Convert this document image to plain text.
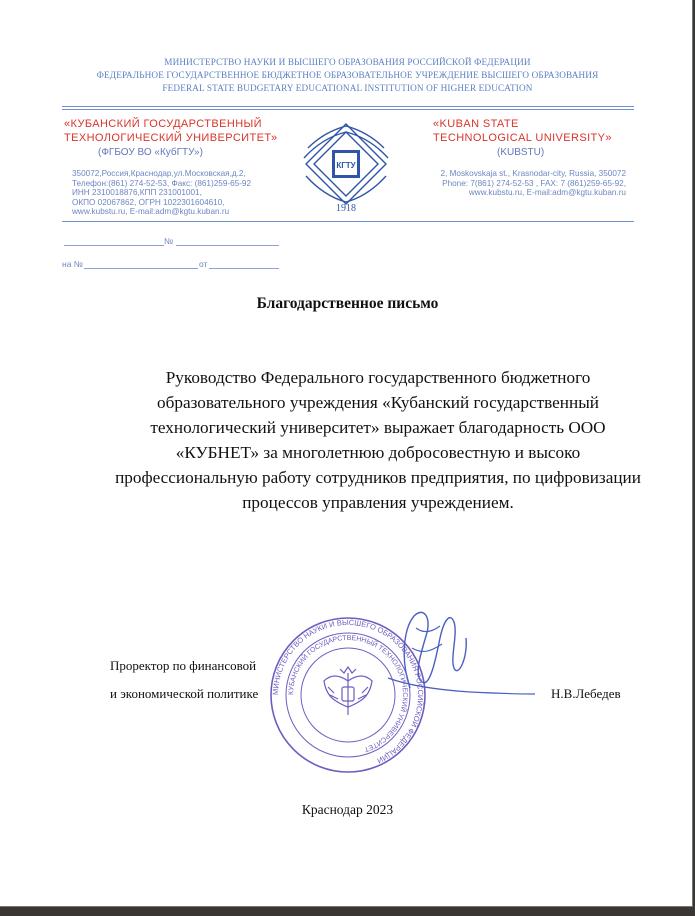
МИНИСТЕРСТВО НАУКИ И ВЫСШЕГО ОБРАЗОВАНИЯ РОССИЙСКОЙ ФЕДЕРАЦИИ
ФЕДЕРАЛЬНОЕ ГОСУДАРСТВЕННОЕ БЮДЖЕТНОЕ ОБРАЗОВАТЕЛЬНОЕ УЧРЕЖДЕНИЕ ВЫСШЕГО ОБРАЗОВАНИЯ
FEDERAL STATE BUDGETARY EDUCATIONAL INSTITUTION OF HIGHER EDUCATION
«КУБАНСКИЙ ГОСУДАРСТВЕННЫЙ
ТЕХНОЛОГИЧЕСКИЙ УНИВЕРСИТЕТ»
(ФГБОУ ВО «КубГТУ»)
350072,Россия,Краснодар,ул.Московская,д.2,
Телефон:(861) 274-52-53, Факс: (861)259-65-92
ИНН 2310018876,КПП 231001001,
ОКПО 02067862, ОГРН 1022301604610,
www.kubstu.ru, E-mail:adm@kgtu.kuban.ru
КГТУ
1918
«KUBAN STATE
TECHNOLOGICAL UNIVERSITY»
(KUBSTU)
2, Moskovskaja st., Krasnodar-city, Russia, 350072
Phone: 7(861) 274-52-53 , FAX: 7 (861)259-65-92,
www.kubstu.ru, E-mail:adm@kgtu.kuban.ru
№
на №	от
Благодарственное письмо
Руководство Федерального государственного бюджетного образовательного учреждения «Кубанский государственный технологический университет» выражает благодарность ООО «КУБНЕТ» за многолетнюю добросовестную и высоко профессиональную работу сотрудников предприятия, по цифровизации процессов управления учреждением.
МИНИСТЕРСТВО НАУКИ И ВЫСШЕГО ОБРАЗОВАНИЯ РОССИЙСКОЙ ФЕДЕРАЦИИ
КУБАНСКИЙ ГОСУДАРСТВЕННЫЙ ТЕХНОЛОГИЧЕСКИЙ УНИВЕРСИТЕТ
Проректор по финансовой
и экономической политике	Н.В.Лебедев
Краснодар 2023
